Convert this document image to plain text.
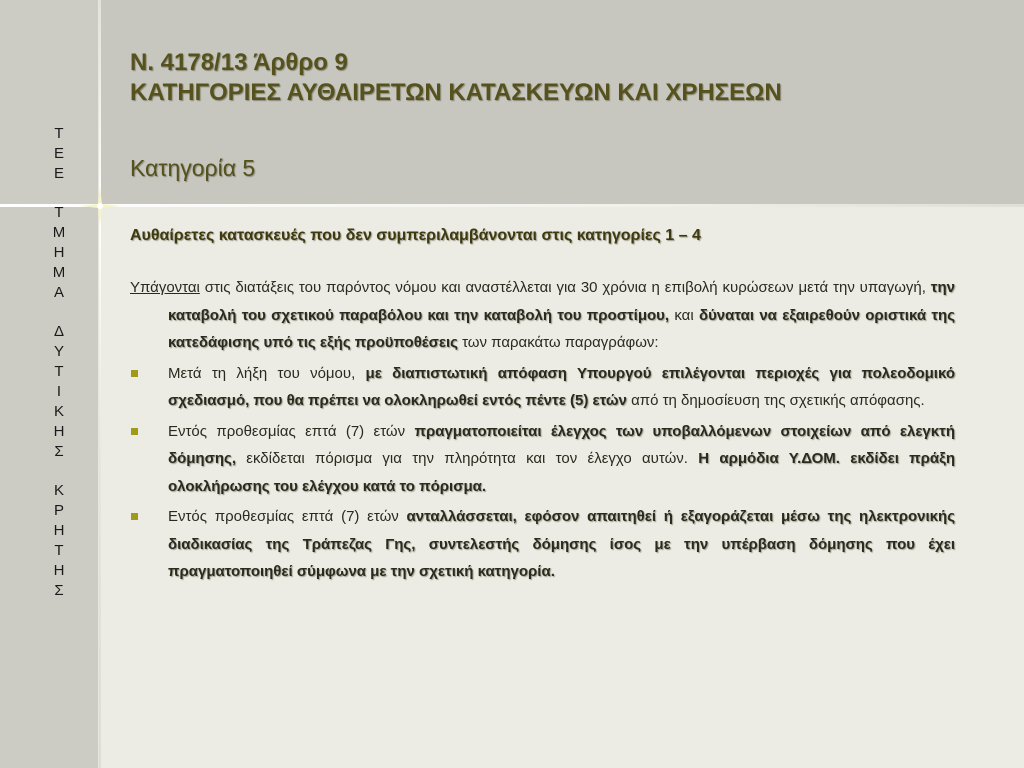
Τ
Ε
Ε
Τ
Μ
Η
Μ
Α
Δ
Υ
Τ
Ι
Κ
Η
Σ
Κ
Ρ
Η
Τ
Η
Σ
Ν. 4178/13 Άρθρο 9
ΚΑΤΗΓΟΡΙΕΣ ΑΥΘΑΙΡΕΤΩΝ ΚΑΤΑΣΚΕΥΩΝ ΚΑΙ ΧΡΗΣΕΩΝ
Κατηγορία 5
Αυθαίρετες κατασκευές που δεν συμπεριλαμβάνονται στις κατηγορίες 1 – 4
Υπάγονται στις διατάξεις του παρόντος νόμου και αναστέλλεται για 30 χρόνια η επιβολή κυρώσεων μετά την υπαγωγή, την καταβολή του σχετικού παραβόλου και την καταβολή του προστίμου, και δύναται να εξαιρεθούν οριστικά της κατεδάφισης υπό τις εξής προϋποθέσεις των παρακάτω παραγράφων:
Μετά τη λήξη του νόμου, με διαπιστωτική απόφαση Υπουργού επιλέγονται περιοχές για πολεοδομικό σχεδιασμό, που θα πρέπει να ολοκληρωθεί εντός πέντε (5) ετών από τη δημοσίευση της σχετικής απόφασης.
Εντός προθεσμίας επτά (7) ετών πραγματοποιείται έλεγχος των υποβαλλόμενων στοιχείων από ελεγκτή δόμησης, εκδίδεται πόρισμα για την πληρότητα και τον έλεγχο αυτών. Η αρμόδια Υ.ΔΟΜ. εκδίδει πράξη ολοκλήρωσης του ελέγχου κατά το πόρισμα.
Εντός προθεσμίας επτά (7) ετών ανταλλάσσεται, εφόσον απαιτηθεί ή εξαγοράζεται μέσω της ηλεκτρονικής διαδικασίας της Τράπεζας Γης, συντελεστής δόμησης ίσος με την υπέρβαση δόμησης που έχει πραγματοποιηθεί σύμφωνα με την σχετική κατηγορία.
